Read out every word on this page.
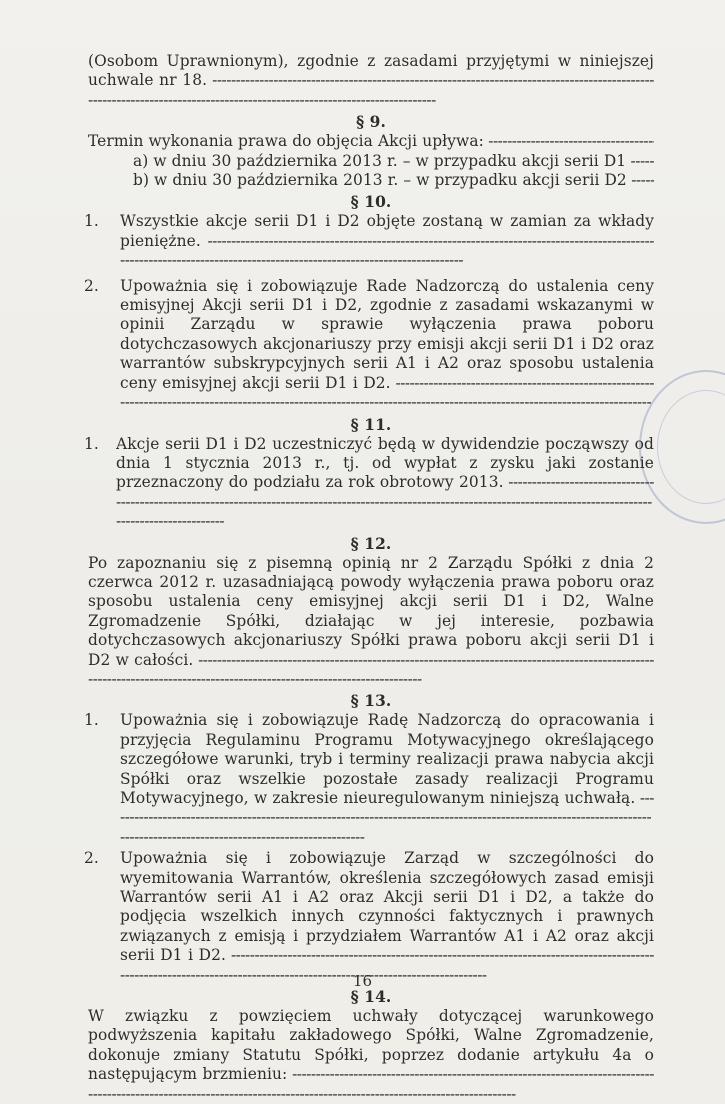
(Osobom Uprawnionym), zgodnie z zasadami przyjętymi w niniejszej uchwale nr 18. -----

§ 9.

Termin wykonania prawa do objęcia Akcji upływa: -----

a) w dniu 30 października 2013 r. – w przypadku akcji serii D1 -----

b) w dniu 30 października 2013 r. – w przypadku akcji serii D2 -----

§ 10.
1. Wszystkie akcje serii D1 i D2 objęte zostaną w zamian za wkłady pieniężne. -----
2. Upoważnia się i zobowiązuje Rade Nadzorczą do ustalenia ceny emisyjnej Akcji serii D1 i D2, zgodnie z zasadami wskazanymi w opinii Zarządu w sprawie wyłączenia prawa poboru dotychczasowych akcjonariuszy przy emisji akcji serii D1 i D2 oraz warrantów subskrypcyjnych serii A1 i A2 oraz sposobu ustalenia ceny emisyjnej akcji serii D1 i D2. -----
§ 11.
1. Akcje serii D1 i D2 uczestniczyć będą w dywidendzie począwszy od dnia 1 stycznia 2013 r., tj. od wypłat z zysku jaki zostanie przeznaczony do podziału za rok obrotowy 2013. -----
§ 12.

Po zapoznaniu się z pisemną opinią nr 2 Zarządu Spółki z dnia 2 czerwca 2012 r. uzasadniającą powody wyłączenia prawa poboru oraz sposobu ustalenia ceny emisyjnej akcji serii D1 i D2, Walne Zgromadzenie Spółki, działając w jej interesie, pozbawia dotychczasowych akcjonariuszy Spółki prawa poboru akcji serii D1 i D2 w całości. -----

§ 13.
1. Upoważnia się i zobowiązuje Radę Nadzorczą do opracowania i przyjęcia Regulaminu Programu Motywacyjnego określającego szczegółowe warunki, tryb i terminy realizacji prawa nabycia akcji Spółki oraz wszelkie pozostałe zasady realizacji Programu Motywacyjnego, w zakresie nieuregulowanym niniejszą uchwałą. -----
2. Upoważnia się i zobowiązuje Zarząd w szczególności do wyemitowania Warrantów, określenia szczegółowych zasad emisji Warrantów serii A1 i A2 oraz Akcji serii D1 i D2, a także do podjęcia wszelkich innych czynności faktycznych i prawnych związanych z emisją i przydziałem Warrantów A1 i A2 oraz akcji serii D1 i D2. -----
§ 14.

W związku z powzięciem uchwały dotyczącej warunkowego podwyższenia kapitału zakładowego Spółki, Walne Zgromadzenie, dokonuje zmiany Statutu Spółki, poprzez dodanie artykułu 4a o następującym brzmieniu: -----

16
